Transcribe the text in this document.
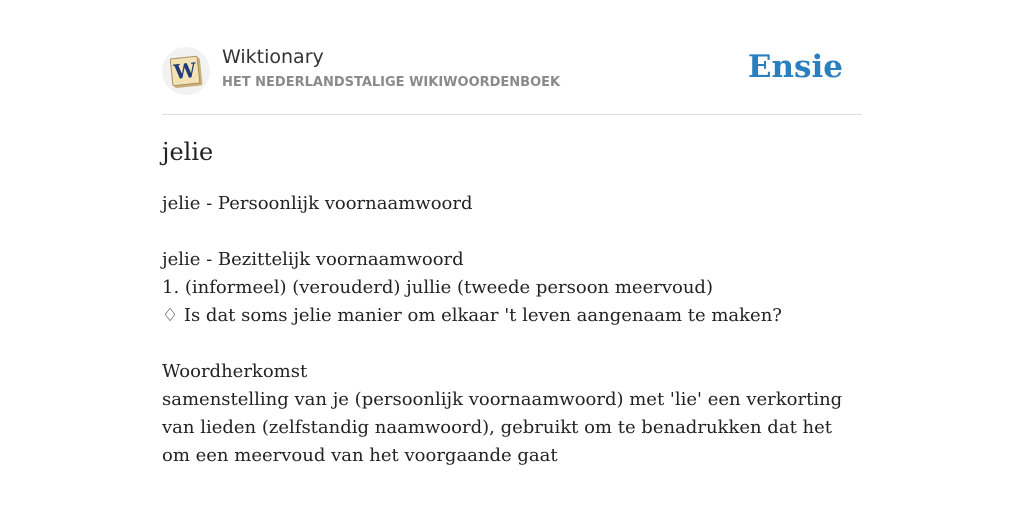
W
Wiktionary
HET NEDERLANDSTALIGE WIKIWOORDENBOEK	Ensie
jelie
jelie - Persoonlijk voornaamwoord
jelie - Bezittelijk voornaamwoord
1. (informeel) (verouderd) jullie (tweede persoon meervoud)
♢ Is dat soms jelie manier om elkaar 't leven aangenaam te maken?
Woordherkomst
samenstelling van je (persoonlijk voornaamwoord) met 'lie' een verkorting van lieden (zelfstandig naamwoord), gebruikt om te benadrukken dat het om een meervoud van het voorgaande gaat
